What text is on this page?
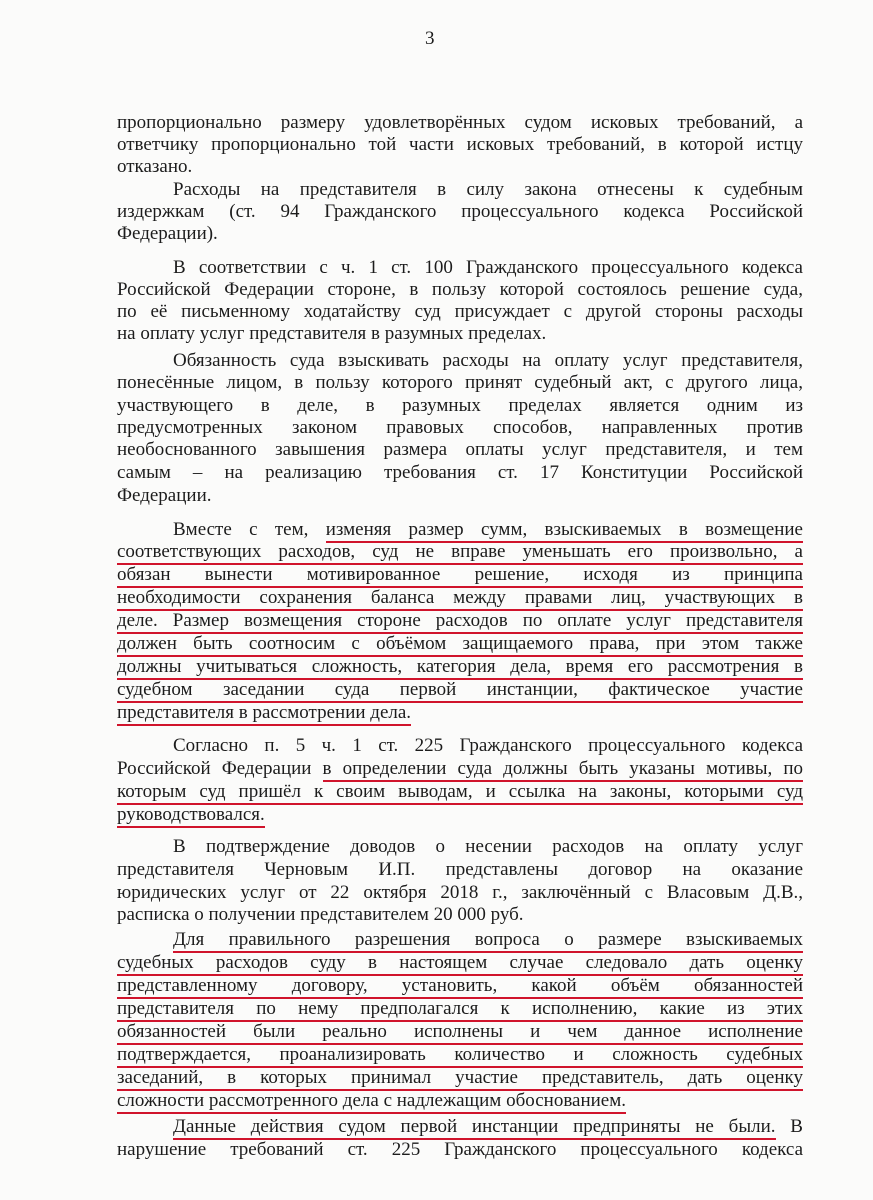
3
пропорционально размеру удовлетворённых судом исковых требований, а
ответчику пропорционально той части исковых требований, в которой истцу
отказано.
Расходы на представителя в силу закона отнесены к судебным
издержкам (ст. 94 Гражданского процессуального кодекса Российской
Федерации).
В соответствии с ч. 1 ст. 100 Гражданского процессуального кодекса
Российской Федерации стороне, в пользу которой состоялось решение суда,
по её письменному ходатайству суд присуждает с другой стороны расходы
на оплату услуг представителя в разумных пределах.
Обязанность суда взыскивать расходы на оплату услуг представителя,
понесённые лицом, в пользу которого принят судебный акт, с другого лица,
участвующего в деле, в разумных пределах является одним из
предусмотренных законом правовых способов, направленных против
необоснованного завышения размера оплаты услуг представителя, и тем
самым – на реализацию требования ст. 17 Конституции Российской
Федерации.
Вместе с тем, изменяя размер сумм, взыскиваемых в возмещение
соответствующих расходов, суд не вправе уменьшать его произвольно, а
обязан вынести мотивированное решение, исходя из принципа
необходимости сохранения баланса между правами лиц, участвующих в
деле. Размер возмещения стороне расходов по оплате услуг представителя
должен быть соотносим с объёмом защищаемого права, при этом также
должны учитываться сложность, категория дела, время его рассмотрения в
судебном заседании суда первой инстанции, фактическое участие
представителя в рассмотрении дела.
Согласно п. 5 ч. 1 ст. 225 Гражданского процессуального кодекса
Российской Федерации в определении суда должны быть указаны мотивы, по
которым суд пришёл к своим выводам, и ссылка на законы, которыми суд
руководствовался.
В подтверждение доводов о несении расходов на оплату услуг
представителя Черновым И.П. представлены договор на оказание
юридических услуг от 22 октября 2018 г., заключённый с Власовым Д.В.,
расписка о получении представителем 20 000 руб.
Для правильного разрешения вопроса о размере взыскиваемых
судебных расходов суду в настоящем случае следовало дать оценку
представленному договору, установить, какой объём обязанностей
представителя по нему предполагался к исполнению, какие из этих
обязанностей были реально исполнены и чем данное исполнение
подтверждается, проанализировать количество и сложность судебных
заседаний, в которых принимал участие представитель, дать оценку
сложности рассмотренного дела с надлежащим обоснованием.
Данные действия судом первой инстанции предприняты не были. В
нарушение требований ст. 225 Гражданского процессуального кодекса
